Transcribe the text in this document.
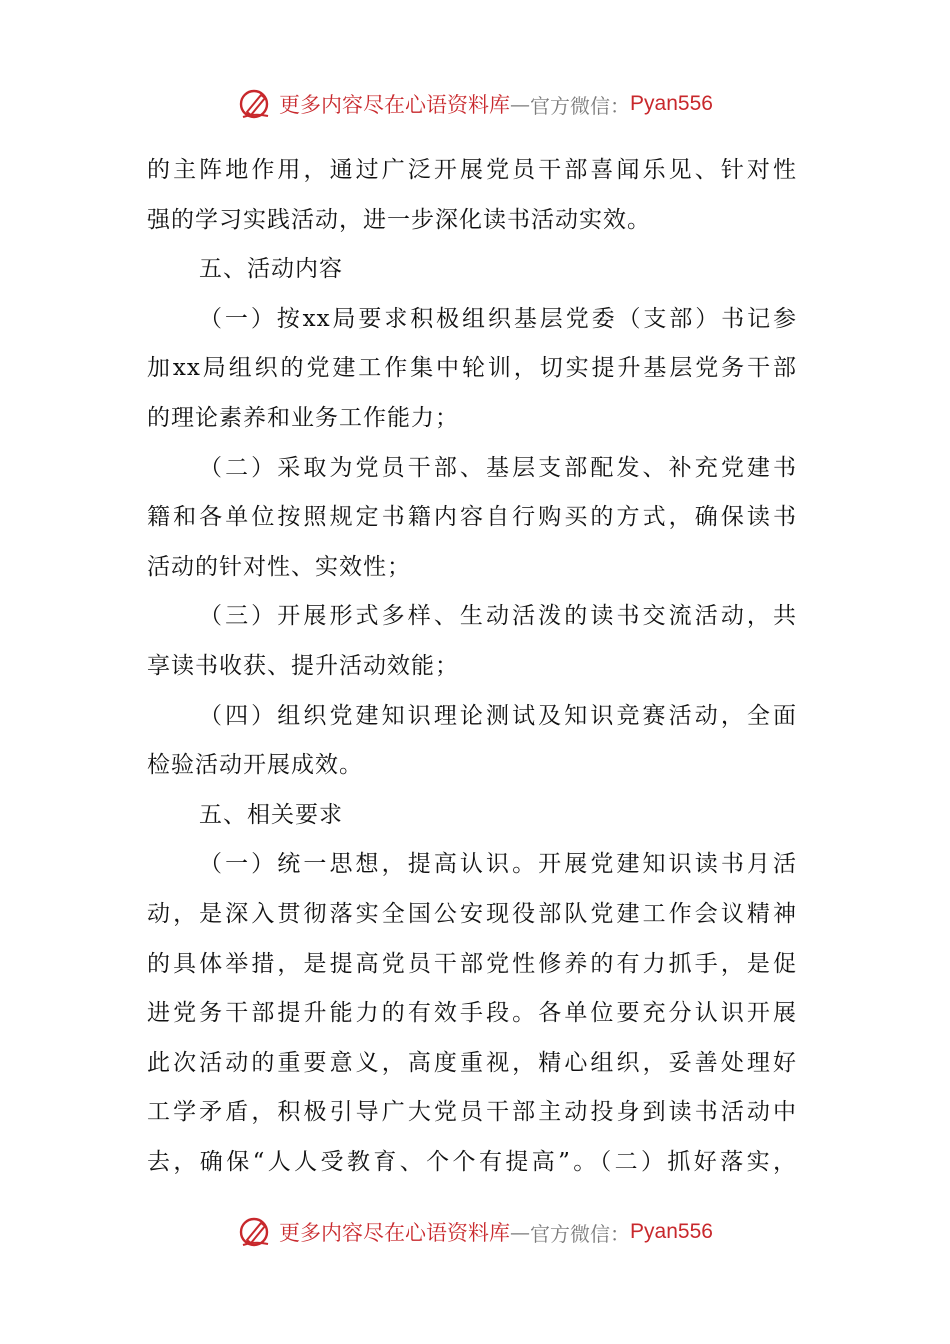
更多内容尽在心语资料库 — 官方微信： Pyan556
的主阵地作用，通过广泛开展党员干部喜闻乐见、针对性
强的学习实践活动，进一步深化读书活动实效。
五、活动内容
（一）按xx局要求积极组织基层党委（支部）书记参
加xx局组织的党建工作集中轮训，切实提升基层党务干部
的理论素养和业务工作能力；
（二）采取为党员干部、基层支部配发、补充党建书
籍和各单位按照规定书籍内容自行购买的方式，确保读书
活动的针对性、实效性；
（三）开展形式多样、生动活泼的读书交流活动，共
享读书收获、提升活动效能；
（四）组织党建知识理论测试及知识竞赛活动，全面
检验活动开展成效。
五、相关要求
（一）统一思想，提高认识。开展党建知识读书月活
动，是深入贯彻落实全国公安现役部队党建工作会议精神
的具体举措，是提高党员干部党性修养的有力抓手，是促
进党务干部提升能力的有效手段。各单位要充分认识开展
此次活动的重要意义，高度重视，精心组织，妥善处理好
工学矛盾，积极引导广大党员干部主动投身到读书活动中
去，确保“人人受教育、个个有提高”。（二）抓好落实，
更多内容尽在心语资料库 — 官方微信： Pyan556
